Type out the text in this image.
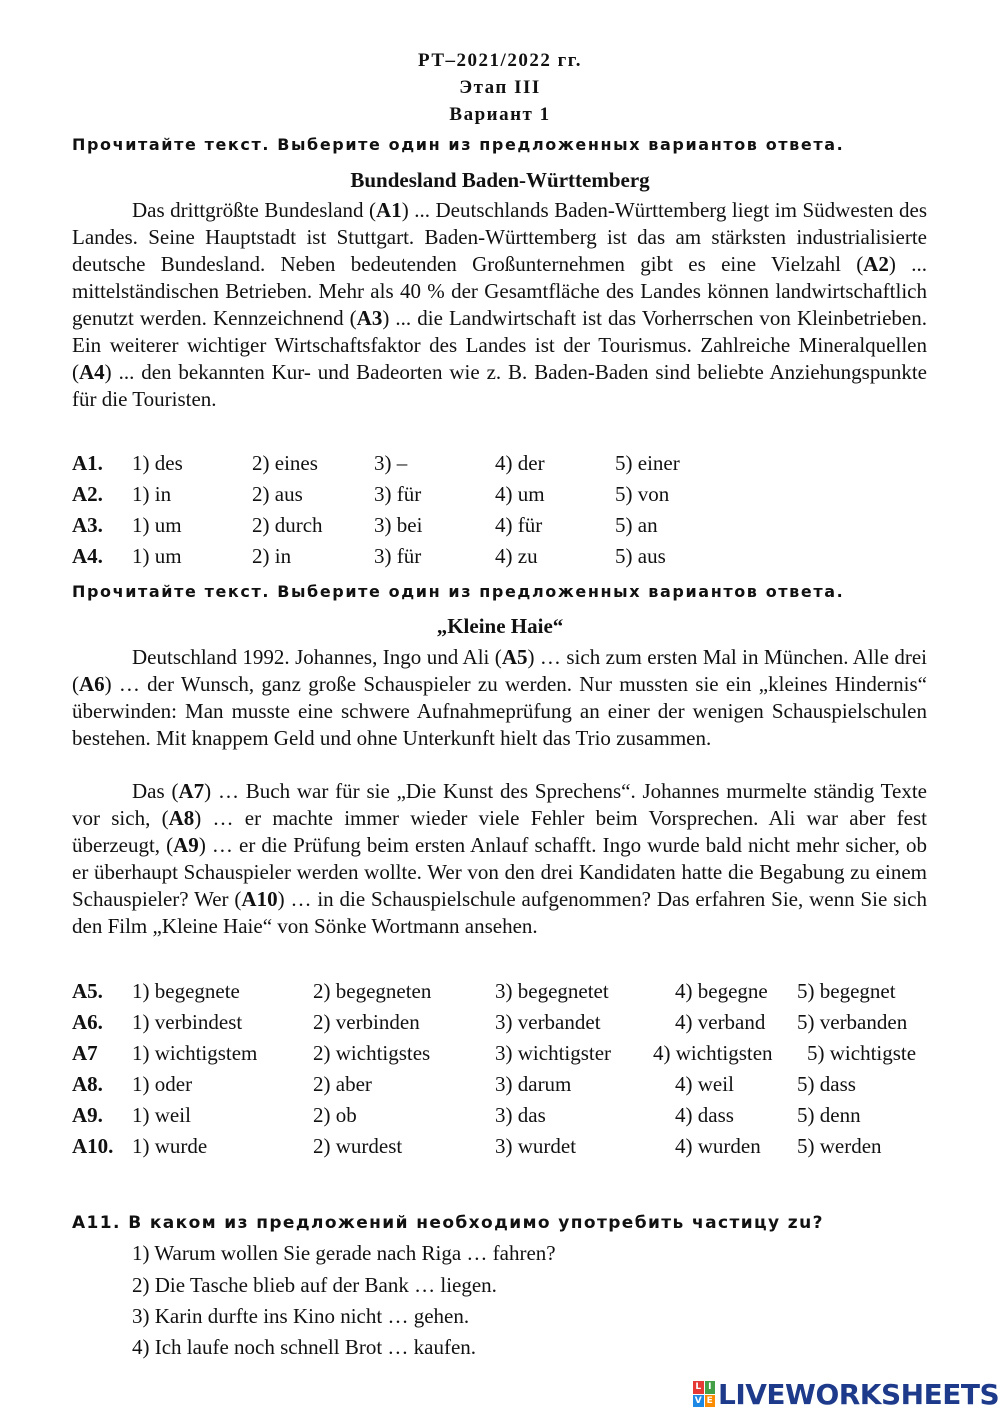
РТ–2021/2022 гг.
Этап III
Вариант 1
Прочитайте текст. Выберите один из предложенных вариантов ответа.
Bundesland Baden-Württemberg

Das drittgrößte Bundesland (A1) ... Deutschlands Baden-Württemberg liegt im Südwesten des Landes. Seine Hauptstadt ist Stuttgart. Baden-Württemberg ist das am stärksten industrialisierte deutsche Bundesland. Neben bedeutenden Großunternehmen gibt es eine Vielzahl (A2) ... mittelständischen Betrieben. Mehr als 40 % der Gesamtfläche des Landes können landwirtschaftlich genutzt werden. Kennzeichnend (A3) ... die Landwirtschaft ist das Vorherrschen von Kleinbetrieben. Ein weiterer wichtiger Wirtschaftsfaktor des Landes ist der Tourismus. Zahlreiche Mineralquellen (A4) ... den bekannten Kur- und Badeorten wie z. B. Baden-Baden sind beliebte Anziehungspunkte für die Touristen.

A1. 1) des	2) eines	3) –	4) der	5) einer
A2. 1) in	2) aus	3) für	4) um	5) von
A3. 1) um	2) durch 3) bei	4) für	5) an
A4. 1) um	2) in	3) für	4) zu	5) aus
Прочитайте текст. Выберите один из предложенных вариантов ответа.
„Kleine Haie“

Deutschland 1992. Johannes, Ingo und Ali (A5) … sich zum ersten Mal in München. Alle drei (A6) … der Wunsch, ganz große Schauspieler zu werden. Nur mussten sie ein „kleines Hindernis“ überwinden: Man musste eine schwere Aufnahmeprüfung an einer der wenigen Schauspielschulen bestehen. Mit knappem Geld und ohne Unterkunft hielt das Trio zusammen.

Das (A7) … Buch war für sie „Die Kunst des Sprechens“. Johannes murmelte ständig Texte vor sich, (A8) … er machte immer wieder viele Fehler beim Vorsprechen. Ali war aber fest überzeugt, (A9) … er die Prüfung beim ersten Anlauf schafft. Ingo wurde bald nicht mehr sicher, ob er überhaupt Schauspieler werden wollte. Wer von den drei Kandidaten hatte die Begabung zu einem Schauspieler? Wer (A10) … in die Schauspielschule aufgenommen? Das erfahren Sie, wenn Sie sich den Film „Kleine Haie“ von Sönke Wortmann ansehen.

A5. 1) begegnete	2) begegneten	3) begegnetet	4) begegne 5) begegnet
A6. 1) verbindest	2) verbinden	3) verbandet	4) verband 5) verbanden
A7 1) wichtigstem	2) wichtigstes	3) wichtigster 4) wichtigsten 5) wichtigste
A8. 1) oder	2) aber	3) darum	4) weil	5) dass
A9. 1) weil	2) ob	3) das	4) dass	5) denn
A10. 1) wurde	2) wurdest	3) wurdet	4) wurden 5) werden
A11. В каком из предложений необходимо употребить частицу zu?
1) Warum wollen Sie gerade nach Riga … fahren?
2) Die Tasche blieb auf der Bank … liegen.
3) Karin durfte ins Kino nicht … gehen.
4) Ich laufe noch schnell Brot … kaufen.
L I
V E LIVEWORKSHEETS
